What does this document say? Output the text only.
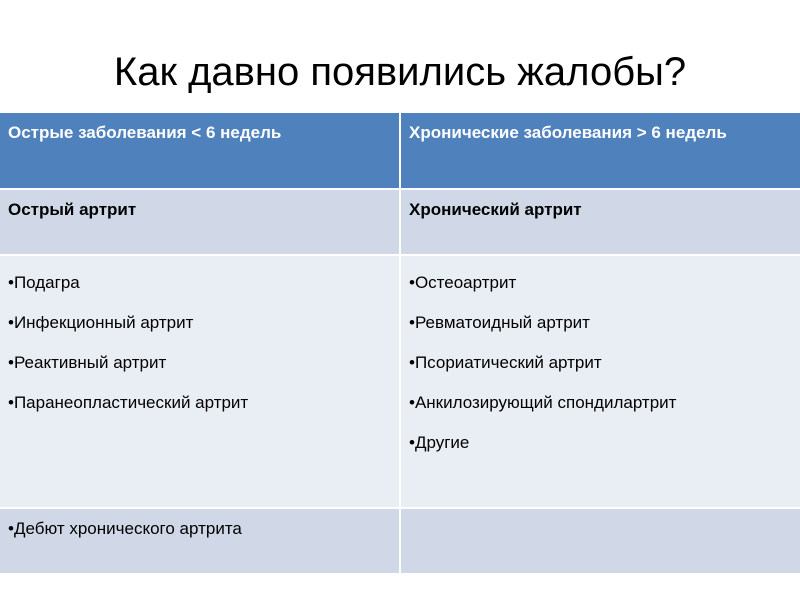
Как давно появились жалобы?
Острые заболевания < 6 недель	Хронические заболевания > 6 недель
Острый артрит	Хронический артрит
•Подагра
•Инфекционный артрит
•Реактивный артрит
•Паранеопластический артрит
•Остеоартрит
•Ревматоидный артрит
•Псориатический артрит
•Анкилозирующий спондилартрит
•Другие
•Дебют хронического артрита
